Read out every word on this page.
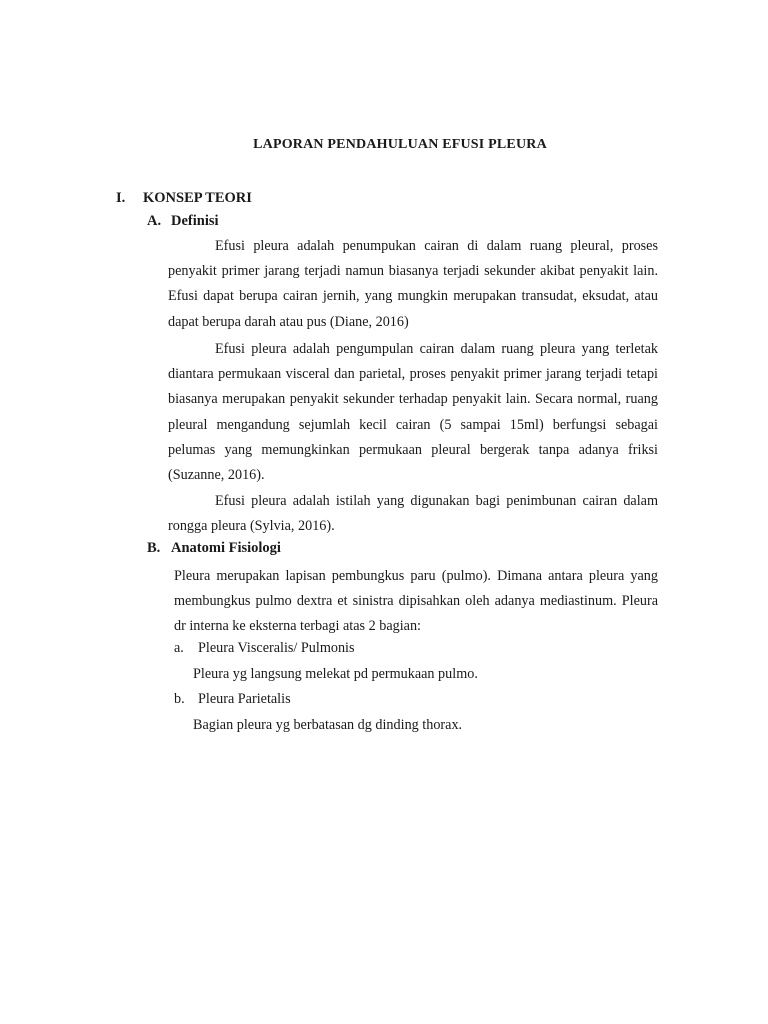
LAPORAN PENDAHULUAN EFUSI PLEURA
I. KONSEP TEORI
A. Definisi

Efusi pleura adalah penumpukan cairan di dalam ruang pleural, proses penyakit primer jarang terjadi namun biasanya terjadi sekunder akibat penyakit lain. Efusi dapat berupa cairan jernih, yang mungkin merupakan transudat, eksudat, atau dapat berupa darah atau pus (Diane, 2016)

Efusi pleura adalah pengumpulan cairan dalam ruang pleura yang terletak diantara permukaan visceral dan parietal, proses penyakit primer jarang terjadi tetapi biasanya merupakan penyakit sekunder terhadap penyakit lain. Secara normal, ruang pleural mengandung sejumlah kecil cairan (5 sampai 15ml) berfungsi sebagai pelumas yang memungkinkan permukaan pleural bergerak tanpa adanya friksi (Suzanne, 2016).

Efusi pleura adalah istilah yang digunakan bagi penimbunan cairan dalam rongga pleura (Sylvia, 2016).

B. Anatomi Fisiologi

Pleura merupakan lapisan pembungkus paru (pulmo). Dimana antara pleura yang membungkus pulmo dextra et sinistra dipisahkan oleh adanya mediastinum. Pleura dr interna ke eksterna terbagi atas 2 bagian:

a. Pleura Visceralis/ Pulmonis
Pleura yg langsung melekat pd permukaan pulmo.
b. Pleura Parietalis
Bagian pleura yg berbatasan dg dinding thorax.
